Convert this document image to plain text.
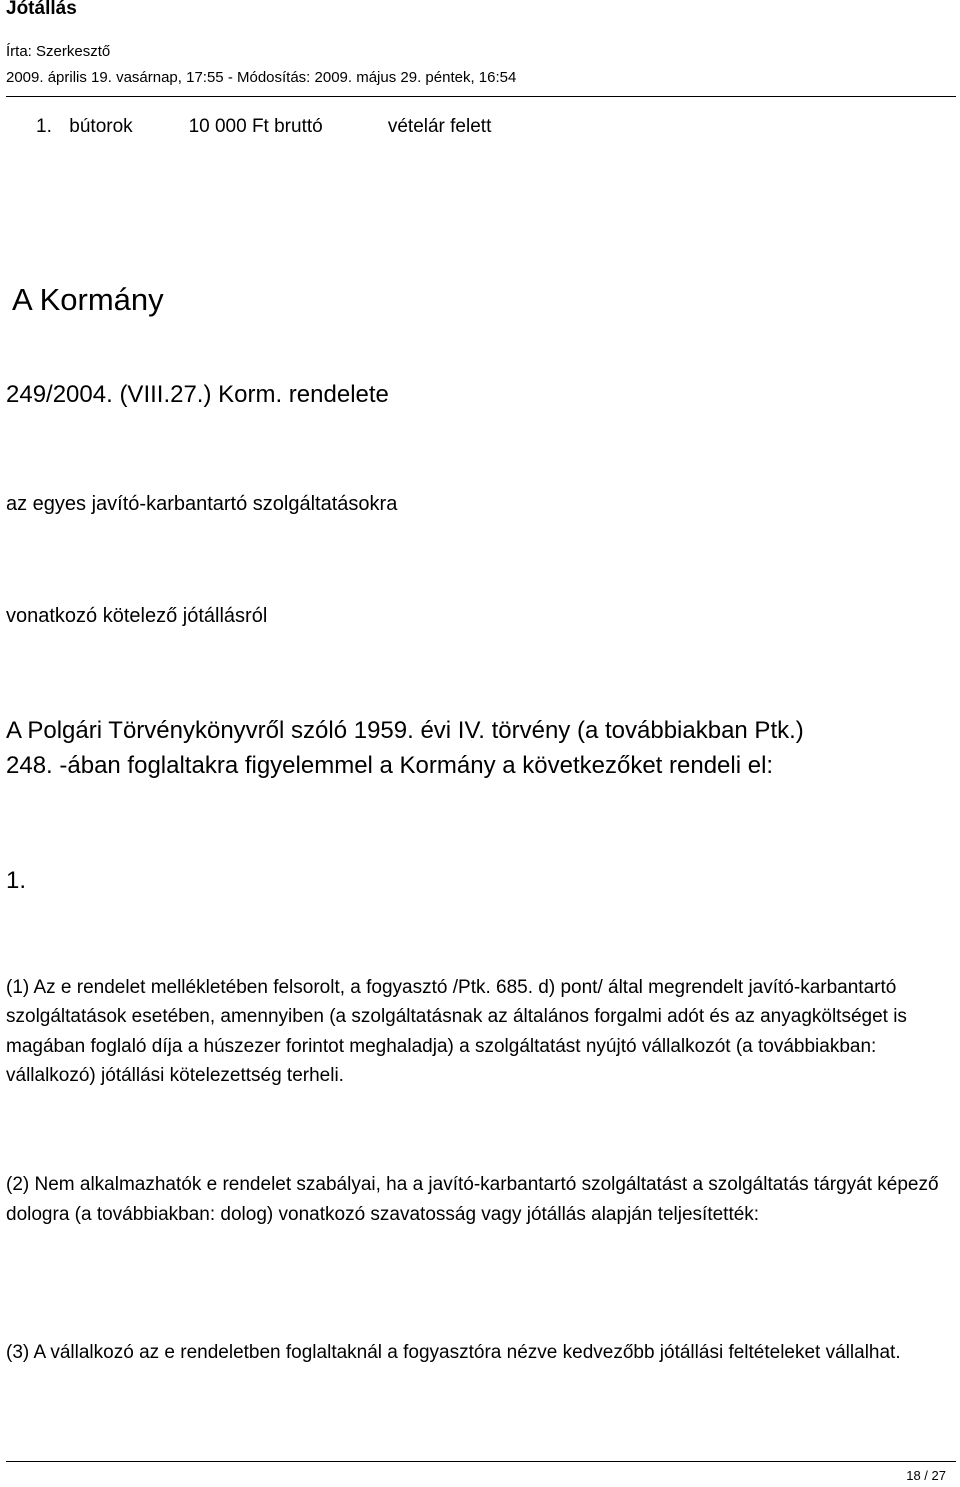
Jótállás
Írta: Szerkesztő
2009. április 19. vasárnap, 17:55 - Módosítás: 2009. május 29. péntek, 16:54
1. bútorok	10 000 Ft bruttó	vételár felett
A Kormány
249/2004. (VIII.27.) Korm. rendelete
az egyes javító-karbantartó szolgáltatásokra
vonatkozó kötelező jótállásról
A Polgári Törvénykönyvről szóló 1959. évi IV. törvény (a továbbiakban Ptk.)
248. -ában foglaltakra figyelemmel a Kormány a következőket rendeli el:
1.
(1) Az e rendelet mellékletében felsorolt, a fogyasztó /Ptk. 685. d) pont/ által megrendelt javító-karbantartó szolgáltatások esetében, amennyiben (a szolgáltatásnak az általános forgalmi adót és az anyagköltséget is magában foglaló díja a húszezer forintot meghaladja) a szolgáltatást nyújtó vállalkozót (a továbbiakban: vállalkozó) jótállási kötelezettség terheli.
(2) Nem alkalmazhatók e rendelet szabályai, ha a javító-karbantartó szolgáltatást a szolgáltatás tárgyát képező dologra (a továbbiakban: dolog) vonatkozó szavatosság vagy jótállás alapján teljesítették:
(3) A vállalkozó az e rendeletben foglaltaknál a fogyasztóra nézve kedvezőbb jótállási feltételeket vállalhat.
18 / 27
